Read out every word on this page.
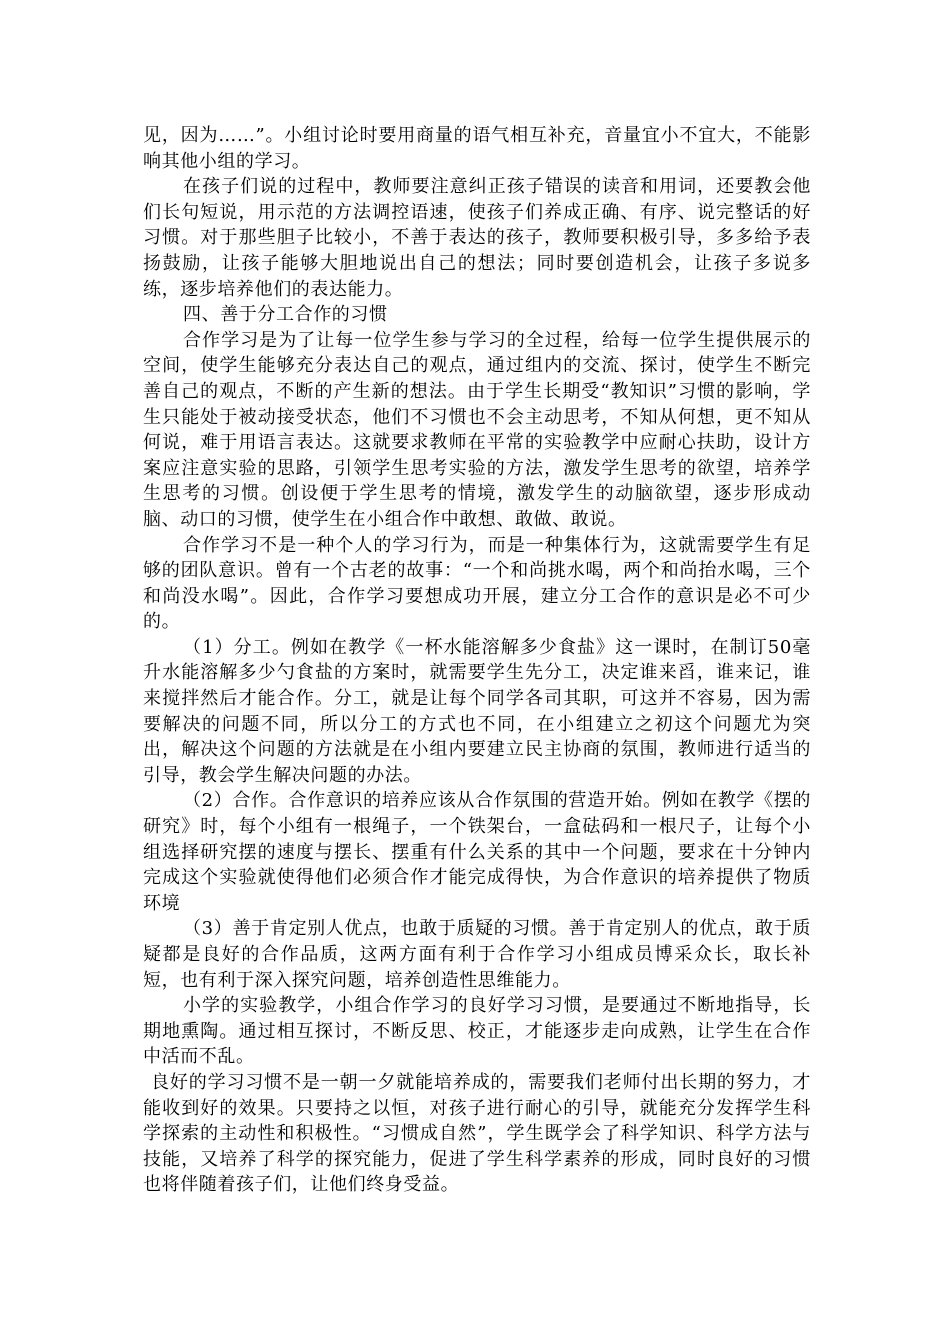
见，因为……”。小组讨论时要用商量的语气相互补充，音量宜小不宜大，不能影响其他小组的学习。

在孩子们说的过程中，教师要注意纠正孩子错误的读音和用词，还要教会他们长句短说，用示范的方法调控语速，使孩子们养成正确、有序、说完整话的好习惯。对于那些胆子比较小，不善于表达的孩子，教师要积极引导，多多给予表扬鼓励，让孩子能够大胆地说出自己的想法；同时要创造机会，让孩子多说多练，逐步培养他们的表达能力。

四、善于分工合作的习惯

合作学习是为了让每一位学生参与学习的全过程，给每一位学生提供展示的空间，使学生能够充分表达自己的观点，通过组内的交流、探讨，使学生不断完善自己的观点，不断的产生新的想法。由于学生长期受“教知识”习惯的影响，学生只能处于被动接受状态，他们不习惯也不会主动思考，不知从何想，更不知从何说，难于用语言表达。这就要求教师在平常的实验教学中应耐心扶助，设计方案应注意实验的思路，引领学生思考实验的方法，激发学生思考的欲望，培养学生思考的习惯。创设便于学生思考的情境，激发学生的动脑欲望，逐步形成动脑、动口的习惯，使学生在小组合作中敢想、敢做、敢说。

合作学习不是一种个人的学习行为，而是一种集体行为，这就需要学生有足够的团队意识。曾有一个古老的故事：“一个和尚挑水喝，两个和尚抬水喝，三个和尚没水喝”。因此，合作学习要想成功开展，建立分工合作的意识是必不可少的。

（1）分工。例如在教学《一杯水能溶解多少食盐》这一课时，在制订50毫升水能溶解多少勺食盐的方案时，就需要学生先分工，决定谁来舀，谁来记，谁来搅拌然后才能合作。分工，就是让每个同学各司其职，可这并不容易，因为需要解决的问题不同，所以分工的方式也不同，在小组建立之初这个问题尤为突出，解决这个问题的方法就是在小组内要建立民主协商的氛围，教师进行适当的引导，教会学生解决问题的办法。

（2）合作。合作意识的培养应该从合作氛围的营造开始。例如在教学《摆的研究》时，每个小组有一根绳子，一个铁架台，一盒砝码和一根尺子，让每个小组选择研究摆的速度与摆长、摆重有什么关系的其中一个问题，要求在十分钟内完成这个实验就使得他们必须合作才能完成得快，为合作意识的培养提供了物质环境

（3）善于肯定别人优点，也敢于质疑的习惯。善于肯定别人的优点，敢于质疑都是良好的合作品质，这两方面有利于合作学习小组成员博采众长，取长补短，也有利于深入探究问题，培养创造性思维能力。

小学的实验教学，小组合作学习的良好学习习惯，是要通过不断地指导，长期地熏陶。通过相互探讨，不断反思、校正，才能逐步走向成熟，让学生在合作中活而不乱。

良好的学习习惯不是一朝一夕就能培养成的，需要我们老师付出长期的努力，才能收到好的效果。只要持之以恒，对孩子进行耐心的引导，就能充分发挥学生科学探索的主动性和积极性。“习惯成自然”，学生既学会了科学知识、科学方法与技能，又培养了科学的探究能力，促进了学生科学素养的形成，同时良好的习惯也将伴随着孩子们，让他们终身受益。
